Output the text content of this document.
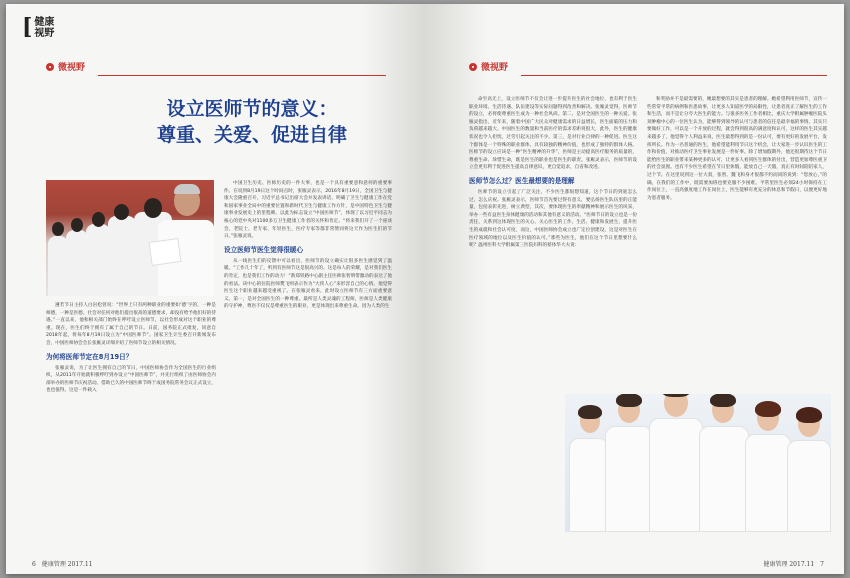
[ 健康
视野
微视野
设立医师节的意义：
尊重、关爱、促进自律

遵若节日主持人白岩松曾说：“世界上只有两种职业的重要如‘德’字的，一种是师德，一种是医德。社会对任何对他们提出很高的道德要求，却没有给予他们好的待遇。”一直以来，他和相关部门始终在呼吁设立医师节，以社会形成对这个职业的尊重。现在，医生们终于拥有了属于自己的节日。日前，国务院正式批复，同意自2018年起，将每年8月19日设立为“中国医师节”。国家卫生计生委召开新闻发布会，中国医师协会会长张雁灵详细介绍了医师节设立的相关情况。

为何将医师节定在8月19日？

张雁灵说，为了让医生拥有自己的节日，中国医师协会作为全国医生的行业组织，从2011年开始就积极呼吁到办设立“中国医师节”，并先行组织了由医师协会内部举办的医师节庆祝活动。借助已久的中国医师节终于成国务院常务会议正式设立，也也值得。这是一件载入

中国卫生历史、医师历史的一件大事，也是一个具有重要意和意何的重要事件。在说到8月19日这个时间点时，张雁灵表示，2016年8月19日，全国卫生与健康大会隆重召开，习近平总书记出席大会并发表讲话，明确了卫生与健康工作在党和国家事业全局中的重要位置和新时代卫生与健康工作方针，是中国特色卫生与健康事业发展史上的里程碑。以此为标志设立“中国医师节”，体现了以习近平同志为核心的党中央对1100多万卫生健康工作者的关怀和肯定。“将来我们开了一个座谈会，老院士、老专家、年轻医生，医疗专家等都非常赞同将这天作为医生们的节日。”张雁灵说。

设立医师节医生觉得很暖心

从一线医生们的反馈中可以看出，医师节的设立确实让很多医生感觉到了温暖。“工作几十年了，听到有医师节这是很高兴的。这是每人的荣耀，是对我们医生的肯定，也是我们工作的动力！”新郑铁路中心副主任医师张智明带激动的表达了他的看法。该中心的住院医师樊飞则表示作为“大侠人心”来形容自己的心情。他觉得医生这个职业越来越受重视了。在张雁灵看来，此时设立医师节有三方面重要意义。第一，是对全国医生的一种尊重。最所是人类灵魂的工程师，医师是人类健康的守护神，尊医不仅仅是尊重医生的职业，更是体现出来尊重生命。因为人类的生

6　健康管理 2017.11
微视野

命至高无上，设立医师节不仅会让进一步提升医生的社会地位，也有利于医生职业环境、生活待遇、队伍建设等实际问题得到改善和解决。张雁灵觉得，医师节的设立，必将使尊重医生成为一种社会风尚。第二，是对全国医生的一种关爱。张雁灵指出，近年来，随着中国广大民众对健康需求的日益增长，医生面临的压力和负荷越来越大。中国医生的数量和当前医疗的需求差距说很大，此外，医生的健康状况也令人担忧，过劳引起关注的不少。第三，是对行业自律的一种促进。医生这个群体是一个特殊的职业群体，具有较独的精神价值，也形成了独特的群体人格。医师节的设立应该是一种“医生精神的升华”，医师是主动提高医疗服务的质量的，尊重生命、珍惜生命，既是医生的职业也是医生的职责。张雁灵表示，医师节的设立会更有利于促进医生提高自律意识，更自觉追求，自省和改进。

医师节怎么过？医生最想要的是理解

医师节的设立引起了广泛关注，不少医生都很想知道，这个节日的到底怎么过，怎么庆祝。张雁灵表示，医师节首先要过得有意义，要弘扬医生队伍里的正能量，包括表彰先进，树立典型，其次，要体现医生的奉献精神和展示医生的风采，举办一些有益医生身体健康的活动和其他有意义的活动。“医师节日的设立也是一份责任，关系到这体现医生的关心、关心医生的工作、生活、健康和发展生，提升医生的成就和社会认可度，而这，中国医师协会成立也广定位创建设，这是对医生在医疗领域的地位以及医生价值的认可。”那些为医生，他们在这个节日里想要什么呢？温州医科大学附属第三医院妇科的蔡体华大夫说：

和奖励并不是最需要的，她最想要的其实是患者的理解。她希望利用医师节，宣传一些常常平常的病例和医患故事，让更多人知道医学的局限性，让患者真正了解医生的工作和生活，而不是让分夸大医生的能力。与很多医务工作者相比，重庆大学附属肿瘤医院头颈肿瘤中心的一位医生认为，能够得到领导的认可与患者的信任是最幸福的事情。其实只要做好工作，可以是一个开放的过程，就会得到很高的满意度和认可，这样的医生其实越来越多了，他觉得个人利益来说，医生最想得到的是一份认可，要有更好的发展平台，发挥所长。作为一名普通的医生，他希望能利用节日这个机会，让大家进一步认识医生的工作和价值，对推动医疗卫生事业发展是一件好事。除了增加假期外，他还很期待这个节日能给医生的职业带来某种更多的认可，让更多人看到医生群体的付出，营造更加尊医重卫的社会氛围。也有不少医生希望在节日里休假，能放自己一天假，真正有时间陪陪家人，过个节。在这里说到这一位大叔，张智、魏飞和身才很都不约而同的说到：“您放心，”的确，在我们的工作中，既需要加班也要克服不少困难。平常里医生必须24小时保持在工作岗位上，一直高强度地工作在岗位上，医生能够有更充分的休息和节假日，以便更好地为患者服务。

健康管理 2017.11　7
